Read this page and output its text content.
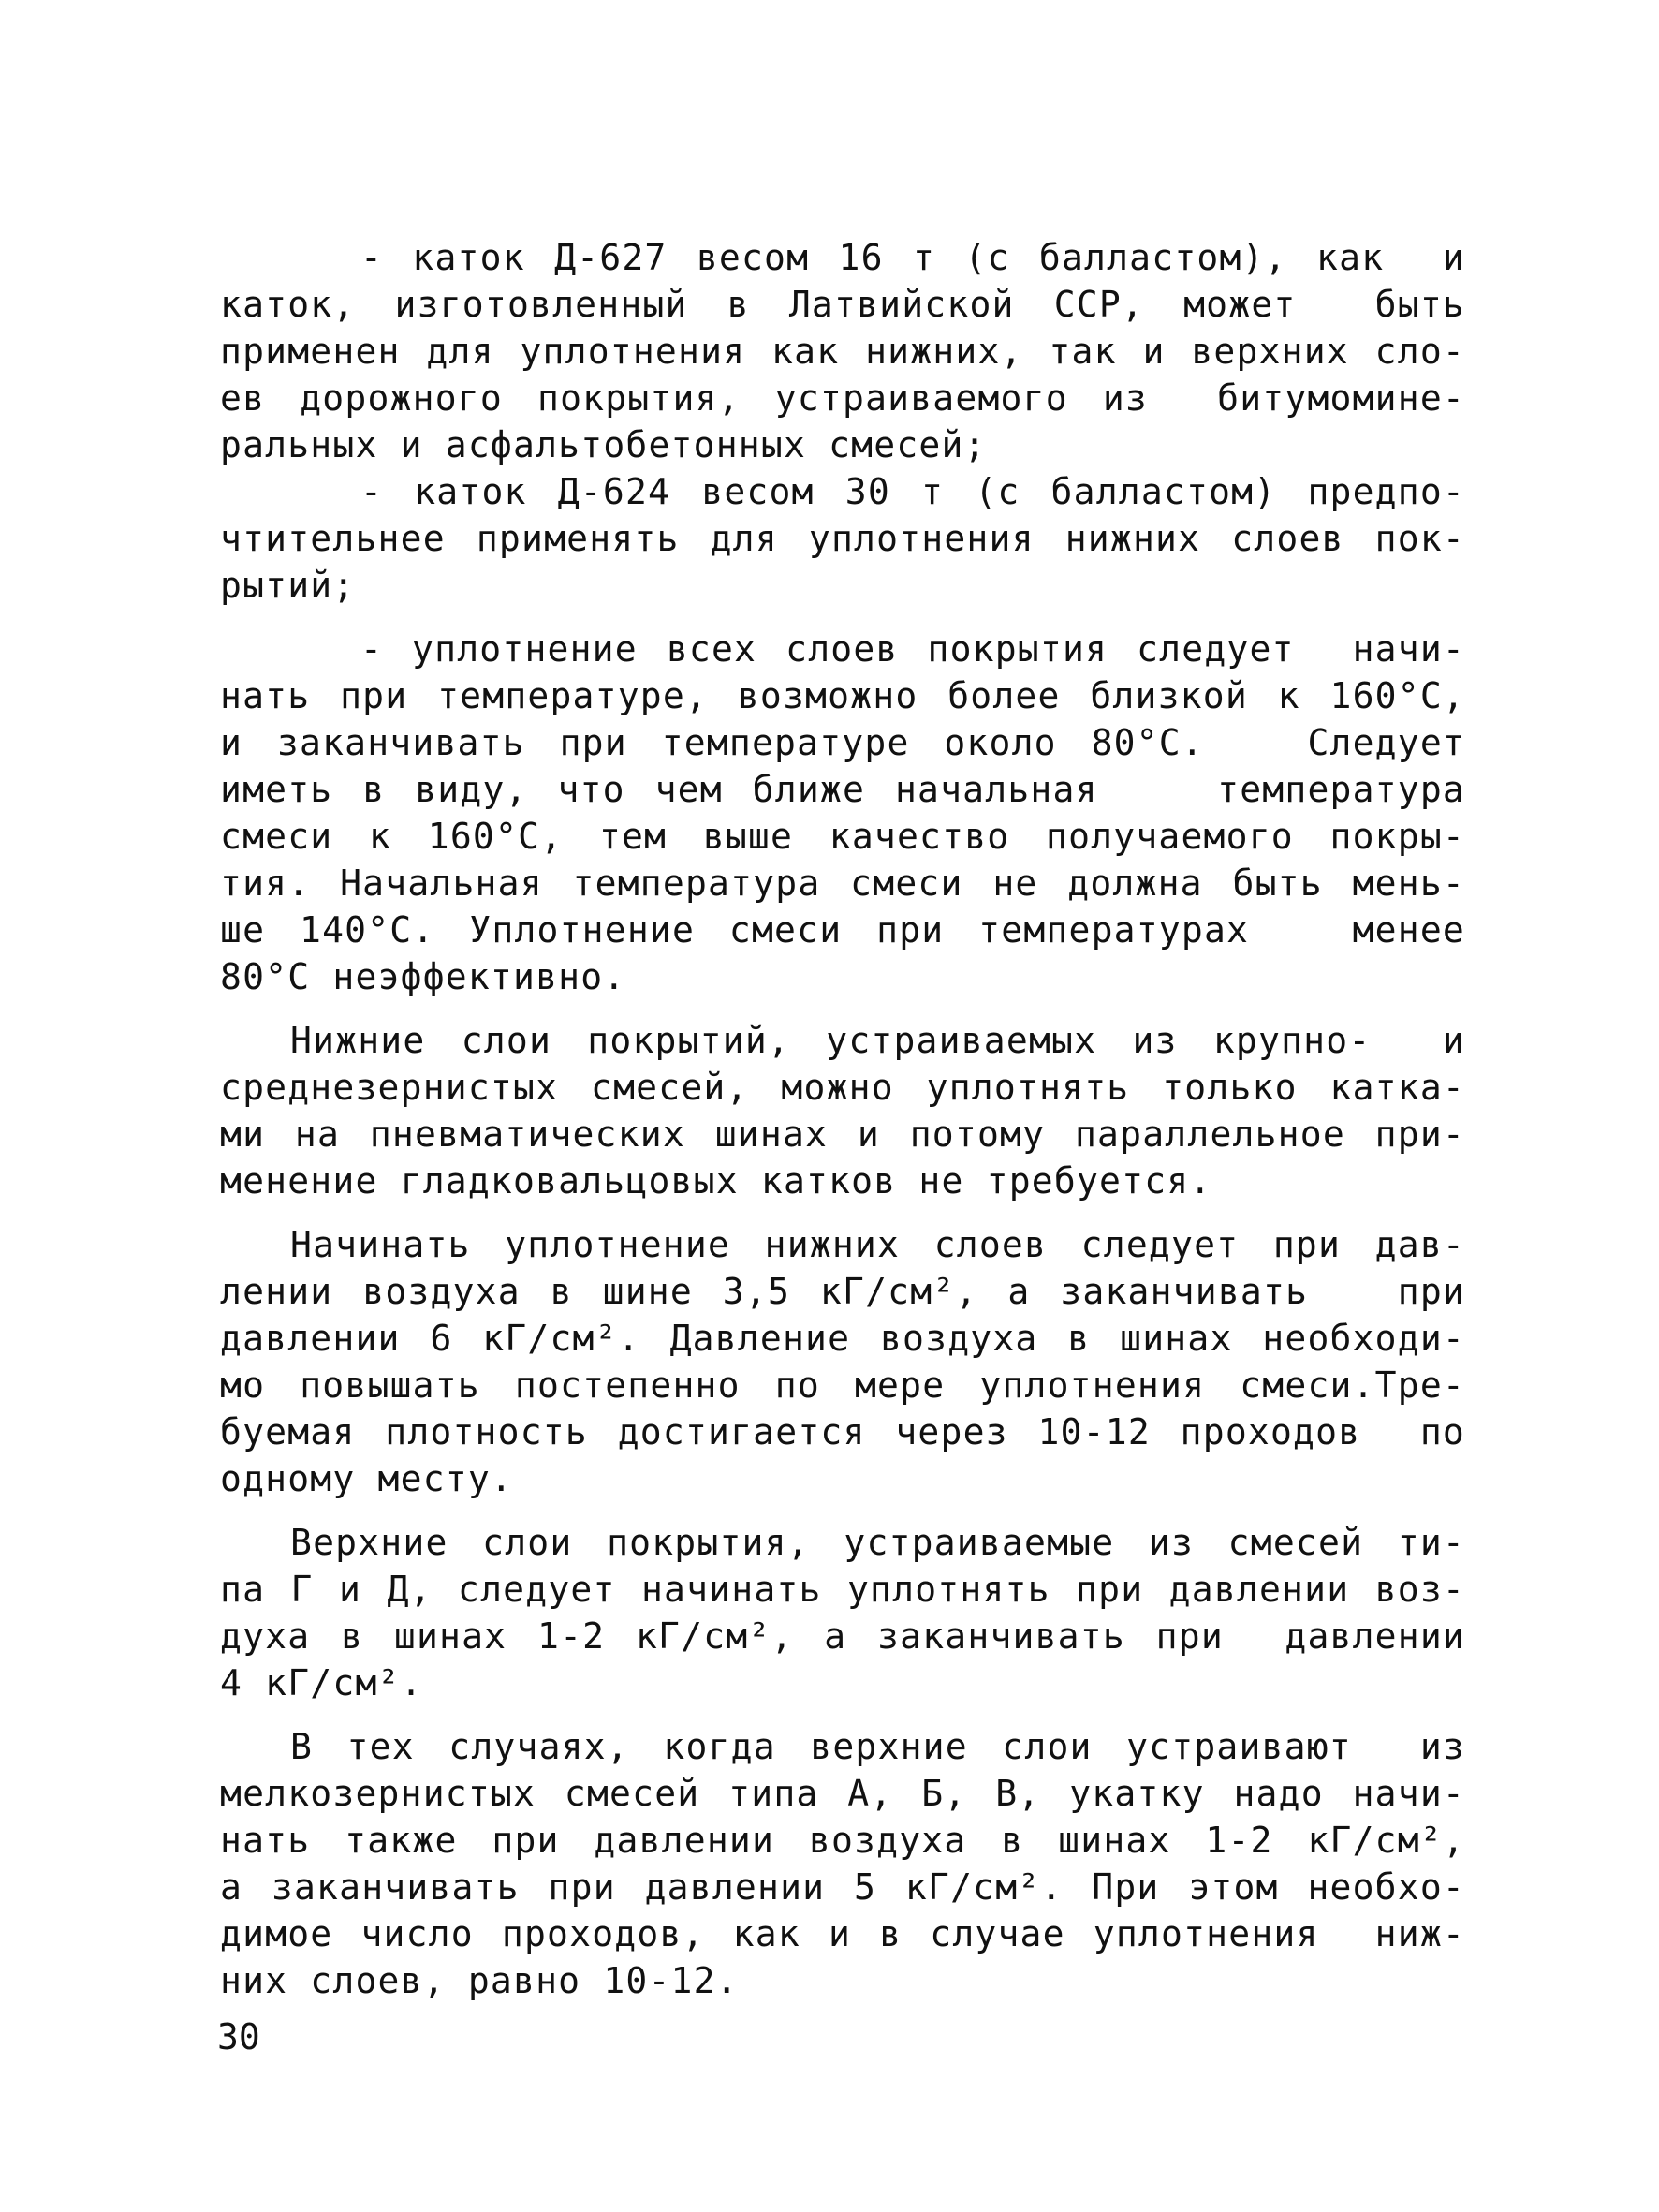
- каток Д-627 весом 16 т (с балластом), как  и
каток, изготовленный в Латвийской ССР, может  быть
применен для уплотнения как нижних, так и верхних сло-
ев дорожного покрытия, устраиваемого из  битумомине-
ральных и асфальтобетонных смесей;
- каток Д-624 весом 30 т (с балластом) предпо-
чтительнее применять для уплотнения нижних слоев пок-
рытий;
- уплотнение всех слоев покрытия следует  начи-
нать при температуре, возможно более близкой к 160°С,
и заканчивать при температуре около 80°С.   Следует
иметь в виду, что чем ближе начальная    температура
смеси к 160°С, тем выше качество получаемого покры-
тия. Начальная температура смеси не должна быть мень-
ше 140°С. Уплотнение смеси при температурах   менее
80°С неэффективно.
Нижние слои покрытий, устраиваемых из крупно-  и
среднезернистых смесей, можно уплотнять только катка-
ми на пневматических шинах и потому параллельное при-
менение гладковальцовых катков не требуется.
Начинать уплотнение нижних слоев следует при дав-
лении воздуха в шине 3,5 кГ/см², а заканчивать   при
давлении 6 кГ/см². Давление воздуха в шинах необходи-
мо повышать постепенно по мере уплотнения смеси.Тре-
буемая плотность достигается через 10-12 проходов  по
одному месту.
Верхние слои покрытия, устраиваемые из смесей ти-
па Г и Д, следует начинать уплотнять при давлении воз-
духа в шинах 1-2 кГ/см², а заканчивать при  давлении
4 кГ/см².
В тех случаях, когда верхние слои устраивают  из
мелкозернистых смесей типа А, Б, В, укатку надо начи-
нать также при давлении воздуха в шинах 1-2 кГ/см²,
а заканчивать при давлении 5 кГ/см². При этом необхо-
димое число проходов, как и в случае уплотнения  ниж-
них слоев, равно 10-12.
30
